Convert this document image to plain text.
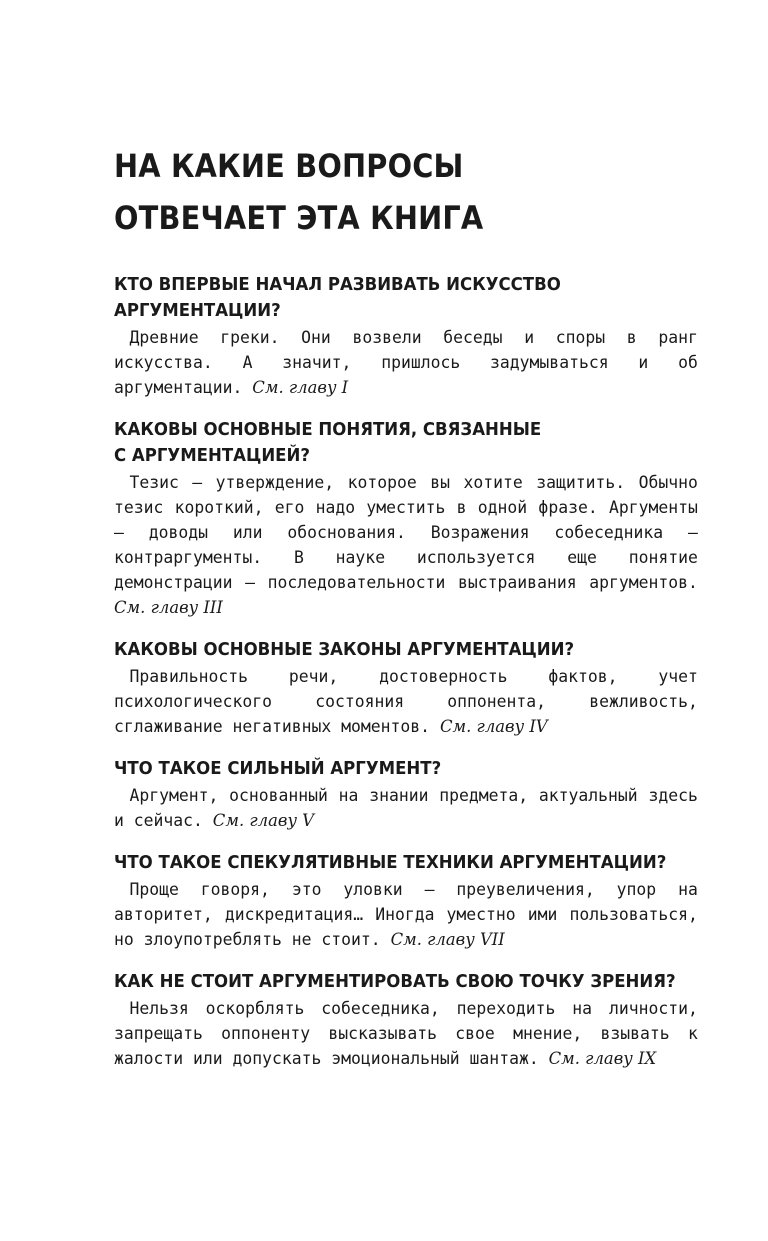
НА КАКИЕ ВОПРОСЫ
ОТВЕЧАЕТ ЭТА КНИГА
КТО ВПЕРВЫЕ НАЧАЛ РАЗВИВАТЬ ИСКУССТВО
АРГУМЕНТАЦИИ?

Древние греки. Они возвели беседы и споры в ранг искусства. А значит, пришлось задумываться и об аргументации. См. главу I

КАКОВЫ ОСНОВНЫЕ ПОНЯТИЯ, СВЯЗАННЫЕ
С АРГУМЕНТАЦИЕЙ?

Тезис — утверждение, которое вы хотите защитить. Обычно тезис короткий, его надо уместить в одной фразе. Аргументы — доводы или обоснования. Возражения собеседника — контраргументы. В науке используется еще понятие демонстрации — последовательности выстраивания аргументов. См. главу III

КАКОВЫ ОСНОВНЫЕ ЗАКОНЫ АРГУМЕНТАЦИИ?

Правильность речи, достоверность фактов, учет психологического состояния оппонента, вежливость, сглаживание негативных моментов. См. главу IV

ЧТО ТАКОЕ СИЛЬНЫЙ АРГУМЕНТ?

Аргумент, основанный на знании предмета, актуальный здесь и сейчас. См. главу V

ЧТО ТАКОЕ СПЕКУЛЯТИВНЫЕ ТЕХНИКИ АРГУМЕНТАЦИИ?

Проще говоря, это уловки — преувеличения, упор на авторитет, дискредитация… Иногда уместно ими пользоваться, но злоупотреблять не стоит. См. главу VII

КАК НЕ СТОИТ АРГУМЕНТИРОВАТЬ СВОЮ ТОЧКУ ЗРЕНИЯ?

Нельзя оскорблять собеседника, переходить на личности, запрещать оппоненту высказывать свое мнение, взывать к жалости или допускать эмоциональный шантаж. См. главу IX
